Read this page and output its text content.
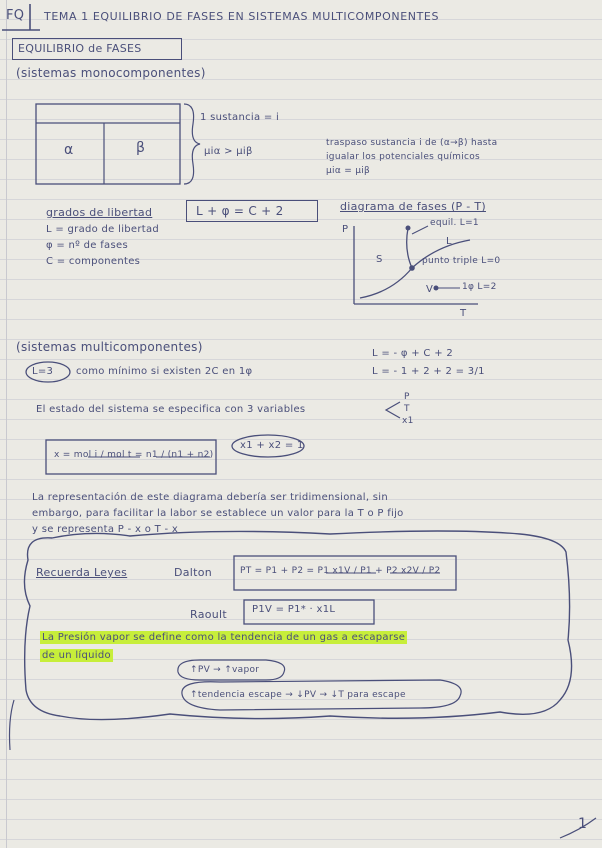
FQ TEMA 1 EQUILIBRIO DE FASES EN SISTEMAS MULTICOMPONENTES
EQUILIBRIO de FASES
(sistemas monocomponentes)
α	β
1 sustancia = i
μiα > μiβ
traspaso sustancia i de (α→β) hasta
igualar los potenciales químicos
μiα = μiβ
grados de libertad	L + φ = C + 2
L = grado de libertad
φ = nº de fases
C = componentes
diagrama de fases (P - T)
P
T
S
L
V
equil. L=1
punto triple L=0
1φ L=2
(sistemas multicomponentes)
L=3 como mínimo si existen 2C en 1φ
L = - φ + C + 2
L = - 1 + 2 + 2 = 3/1
El estado del sistema se especifica con 3 variables
P
T
x1
x = mol i / mol t = n1 / (n1 + n2)
x1 + x2 = 1
La representación de este diagrama debería ser tridimensional, sin
embargo, para facilitar la labor se establece un valor para la T o P fijo
y se representa P - x o T - x
Recuerda Leyes	Dalton	PT = P1 + P2 = P1 x1V / P1 + P2 x2V / P2
Raoult P1V = P1* · x1L
La Presión vapor se define como la tendencia de un gas a escaparse
de un líquido
↑PV → ↑vapor
↑tendencia escape → ↓PV → ↓T para escape
1
